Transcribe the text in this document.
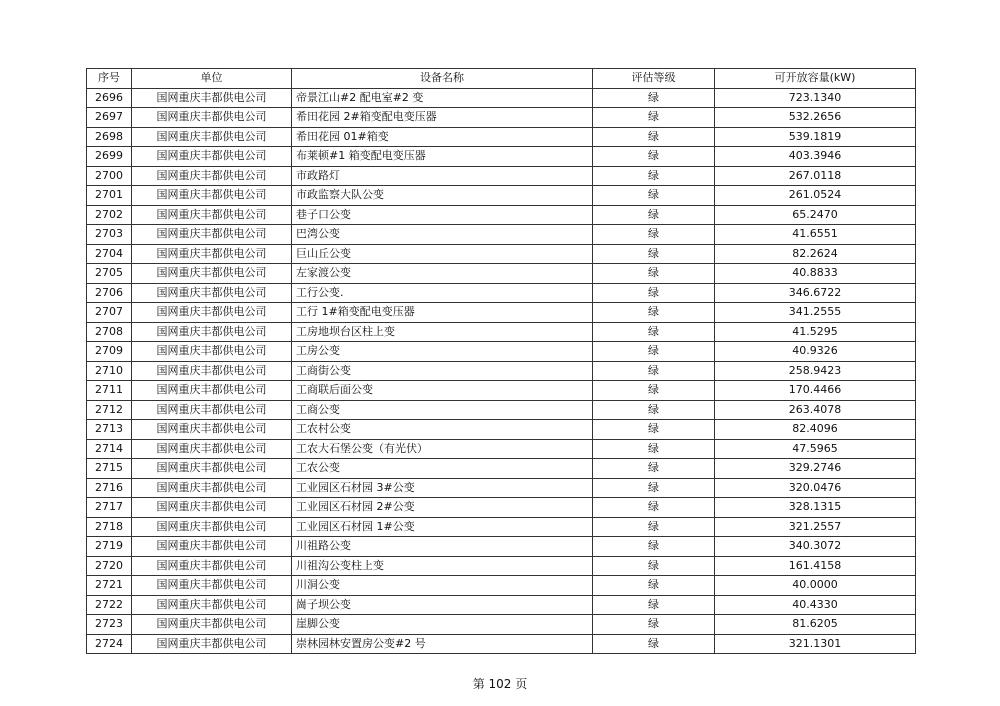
序号	单位	设备名称	评估等级	可开放容量(kW)
2696	国网重庆丰都供电公司	帝景江山#2 配电室#2 变	绿	723.1340
2697	国网重庆丰都供电公司	希田花园 2#箱变配电变压器	绿	532.2656
2698	国网重庆丰都供电公司	希田花园 01#箱变	绿	539.1819
2699	国网重庆丰都供电公司	布莱顿#1 箱变配电变压器	绿	403.3946
2700	国网重庆丰都供电公司	市政路灯	绿	267.0118
2701	国网重庆丰都供电公司	市政监察大队公变	绿	261.0524
2702	国网重庆丰都供电公司	巷子口公变	绿	65.2470
2703	国网重庆丰都供电公司	巴湾公变	绿	41.6551
2704	国网重庆丰都供电公司	巨山丘公变	绿	82.2624
2705	国网重庆丰都供电公司	左家渡公变	绿	40.8833
2706	国网重庆丰都供电公司	工行公变.	绿	346.6722
2707	国网重庆丰都供电公司	工行 1#箱变配电变压器	绿	341.2555
2708	国网重庆丰都供电公司	工房地坝台区柱上变	绿	41.5295
2709	国网重庆丰都供电公司	工房公变	绿	40.9326
2710	国网重庆丰都供电公司	工商街公变	绿	258.9423
2711	国网重庆丰都供电公司	工商联后面公变	绿	170.4466
2712	国网重庆丰都供电公司	工商公变	绿	263.4078
2713	国网重庆丰都供电公司	工农村公变	绿	82.4096
2714	国网重庆丰都供电公司	工农大石堡公变（有光伏）	绿	47.5965
2715	国网重庆丰都供电公司	工农公变	绿	329.2746
2716	国网重庆丰都供电公司	工业园区石材园 3#公变	绿	320.0476
2717	国网重庆丰都供电公司	工业园区石材园 2#公变	绿	328.1315
2718	国网重庆丰都供电公司	工业园区石材园 1#公变	绿	321.2557
2719	国网重庆丰都供电公司	川祖路公变	绿	340.3072
2720	国网重庆丰都供电公司	川祖沟公变柱上变	绿	161.4158
2721	国网重庆丰都供电公司	川洞公变	绿	40.0000
2722	国网重庆丰都供电公司	崗子坝公变	绿	40.4330
2723	国网重庆丰都供电公司	崖脚公变	绿	81.6205
2724	国网重庆丰都供电公司	崇林园林安置房公变#2 号	绿	321.1301
第 102 页
